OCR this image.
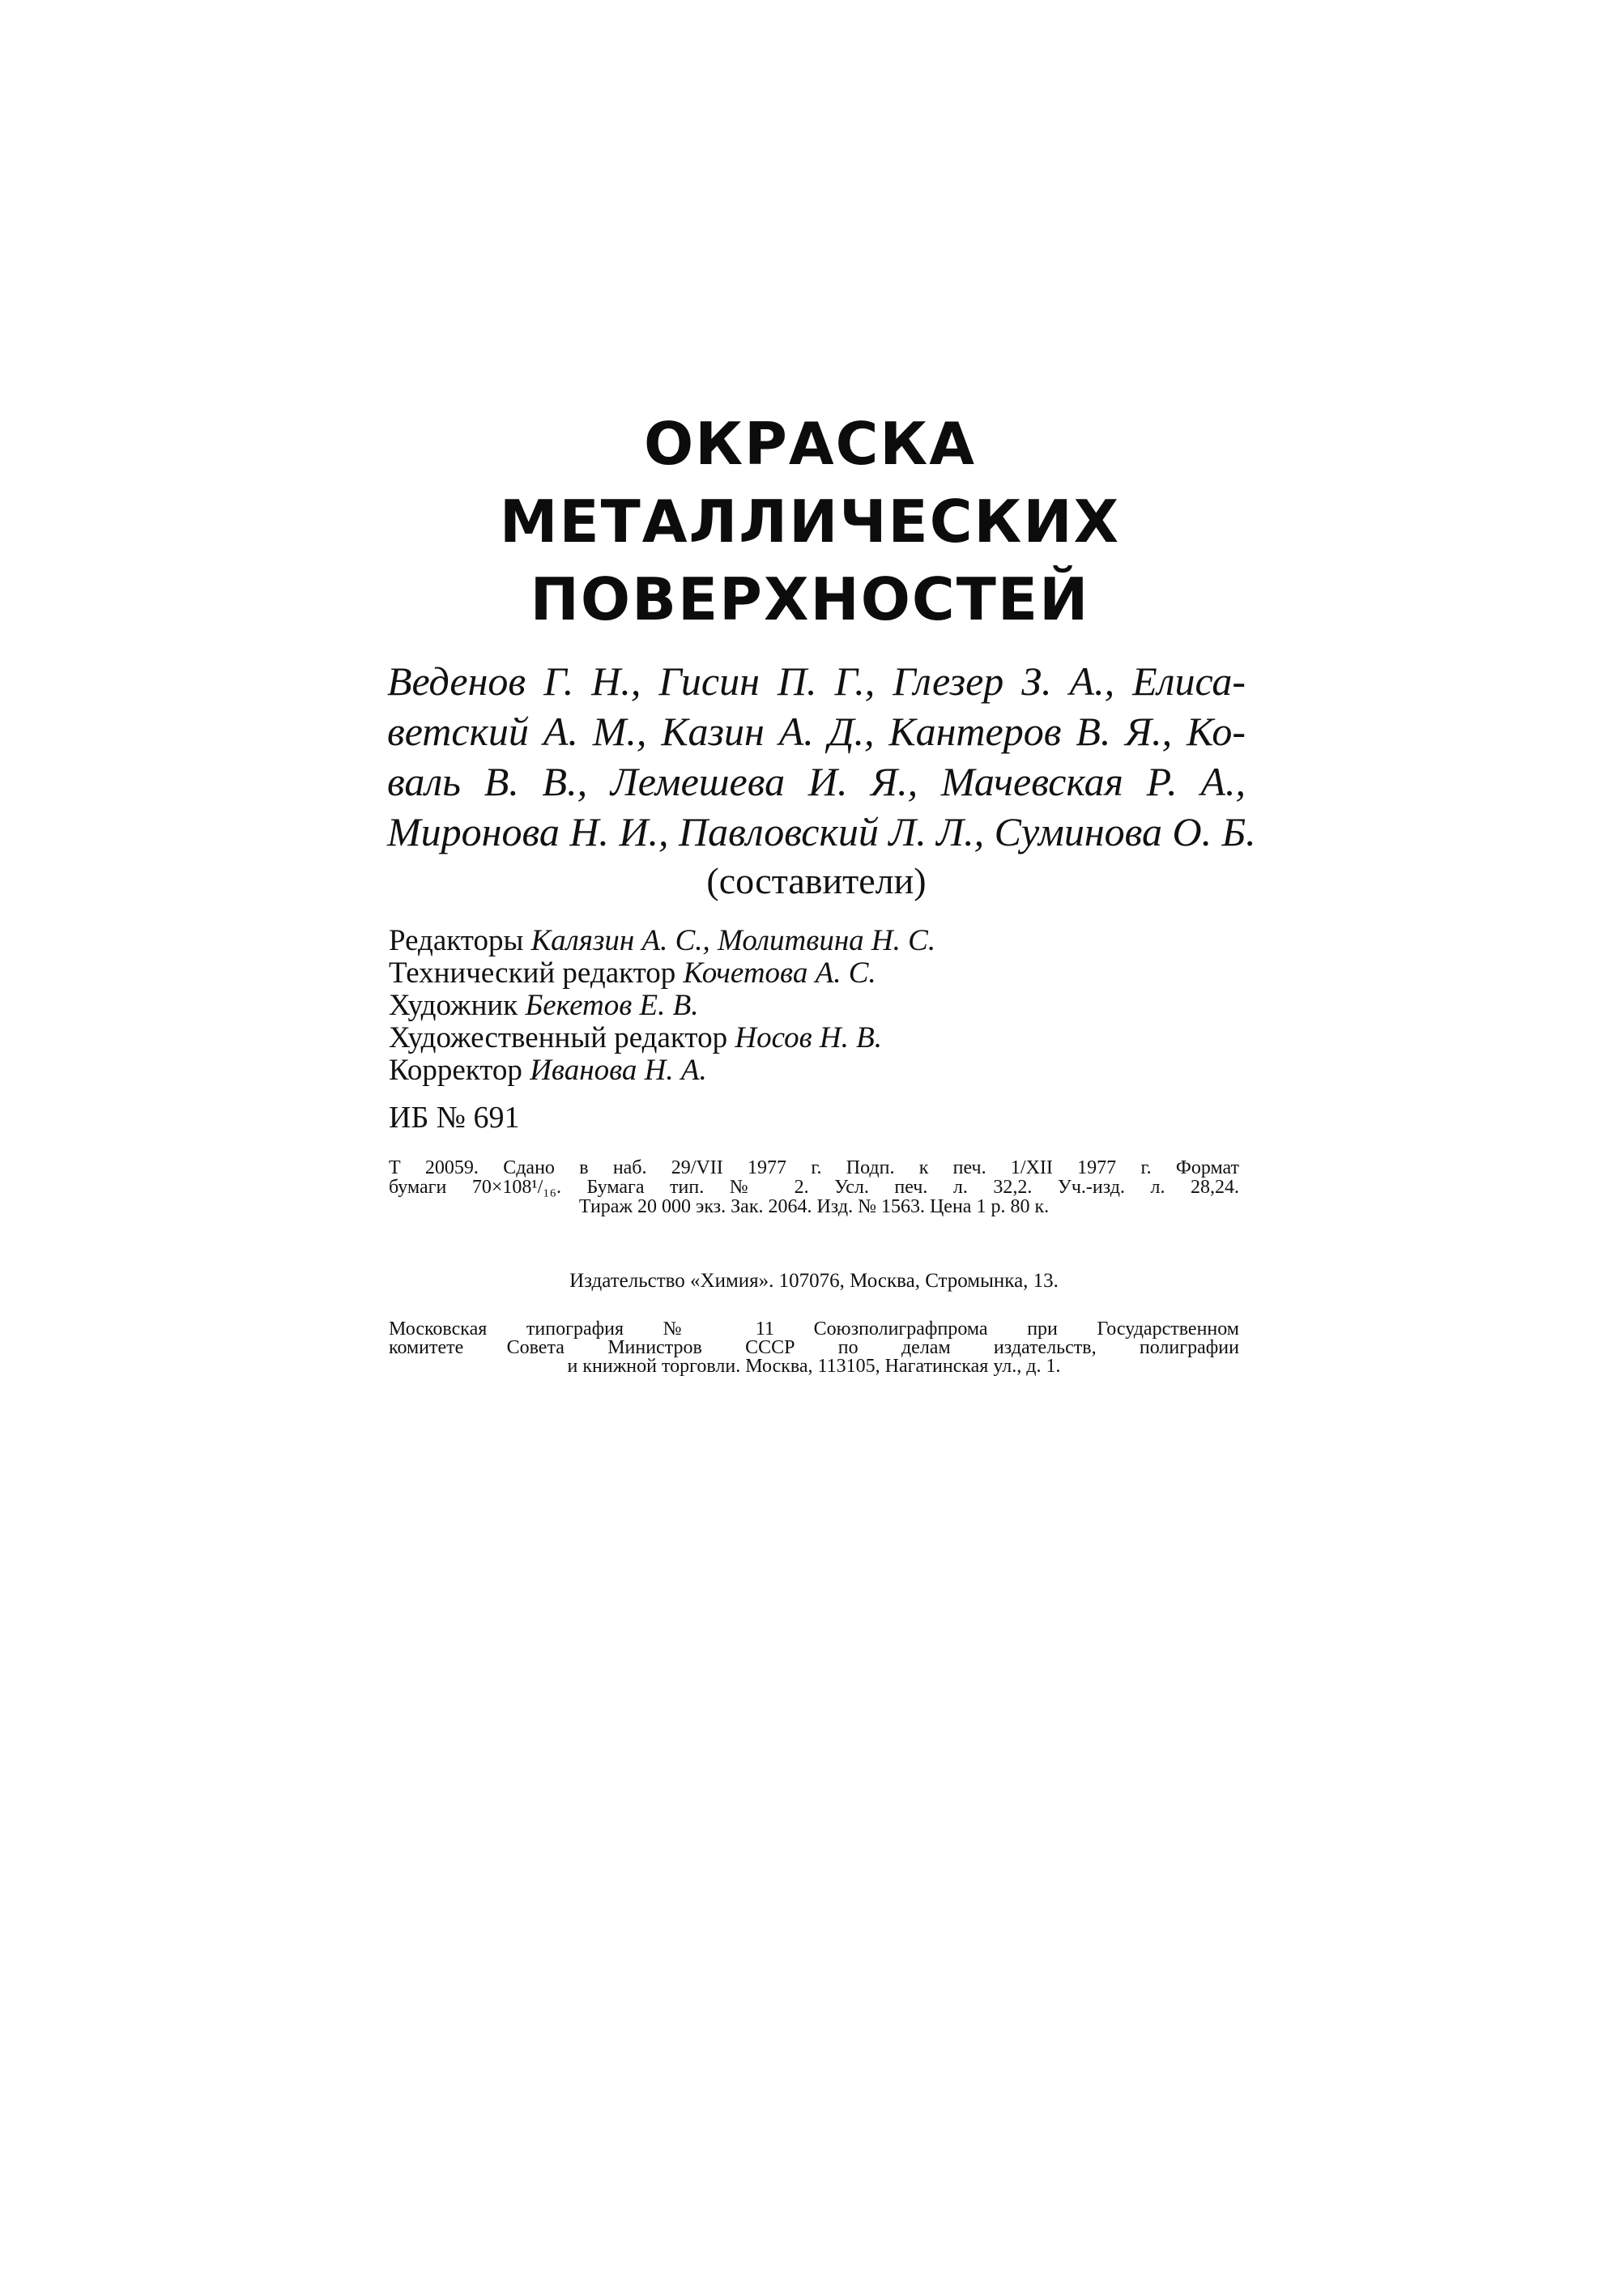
ОКРАСКА
МЕТАЛЛИЧЕСКИХ
ПОВЕРХНОСТЕЙ
Веденов Г. Н., Гисин П. Г., Глезер З. А., Елиса-
ветский А. М., Казин А. Д., Кантеров В. Я., Ко-
валь В. В., Лемешева И. Я., Мачевская Р. А.,
Миронова Н. И., Павловский Л. Л., Суминова О. Б.
(составители)
Редакторы Калязин А. С., Молитвина Н. С.
Технический редактор Кочетова А. С.
Художник Бекетов Е. В.
Художественный редактор Носов Н. В.
Корректор Иванова Н. А.
ИБ № 691
Т 20059. Сдано в наб. 29/VII 1977 г. Подп. к печ. 1/XII 1977 г. Формат
бумаги 70×108¹/₁₆. Бумага тип. № 2. Усл. печ. л. 32,2. Уч.-изд. л. 28,24.
Тираж 20 000 экз. Зак. 2064. Изд. № 1563. Цена 1 р. 80 к.
Издательство «Химия». 107076, Москва, Стромынка, 13.
Московская типография № 11 Союзполиграфпрома при Государственном
комитете Совета Министров СССР по делам издательств, полиграфии
и книжной торговли. Москва, 113105, Нагатинская ул., д. 1.
